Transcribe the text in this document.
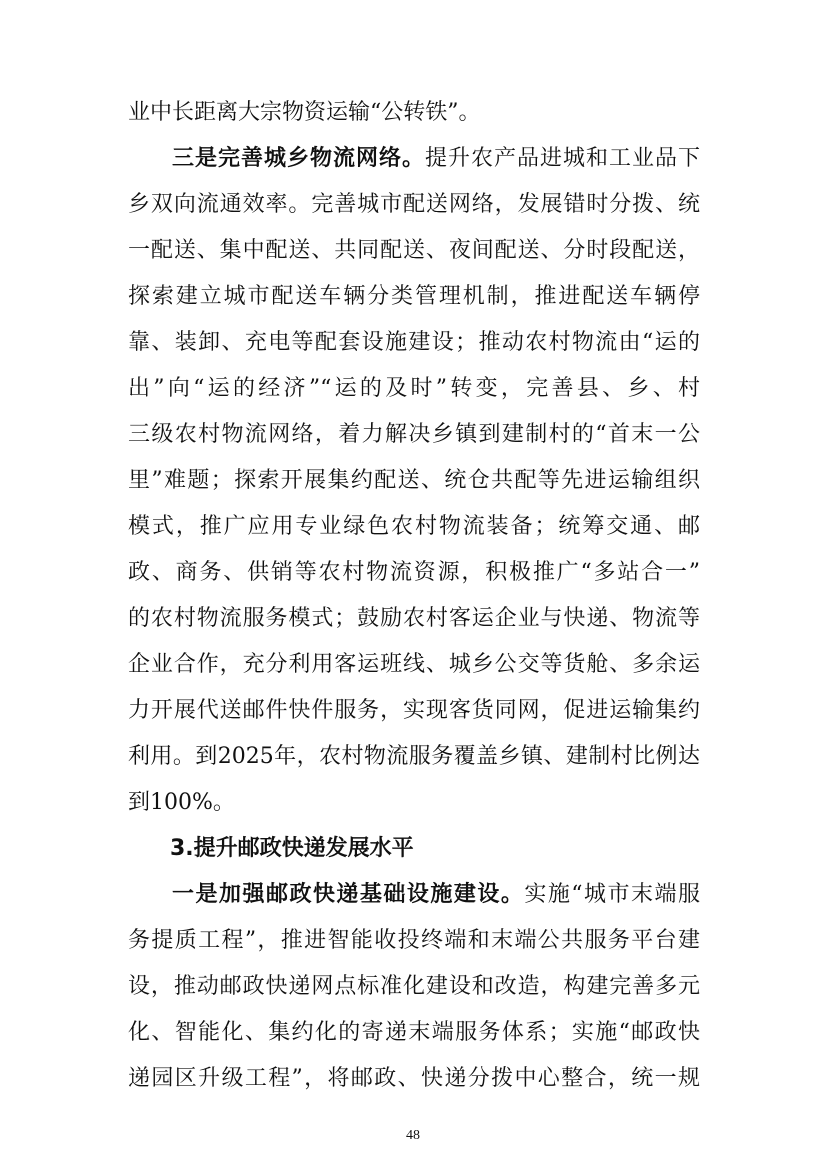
业中长距离大宗物资运输“公转铁”。
三是完善城乡物流网络。提升农产品进城和工业品下
乡双向流通效率。完善城市配送网络，发展错时分拨、统
一配送、集中配送、共同配送、夜间配送、分时段配送，
探索建立城市配送车辆分类管理机制，推进配送车辆停
靠、装卸、充电等配套设施建设；推动农村物流由“运的
出”向“运的经济”“运的及时”转变，完善县、乡、村
三级农村物流网络，着力解决乡镇到建制村的“首末一公
里”难题；探索开展集约配送、统仓共配等先进运输组织
模式，推广应用专业绿色农村物流装备；统筹交通、邮
政、商务、供销等农村物流资源，积极推广“多站合一”
的农村物流服务模式；鼓励农村客运企业与快递、物流等
企业合作，充分利用客运班线、城乡公交等货舱、多余运
力开展代送邮件快件服务，实现客货同网，促进运输集约
利用。到2025年，农村物流服务覆盖乡镇、建制村比例达
到100%。
3.提升邮政快递发展水平
一是加强邮政快递基础设施建设。实施“城市末端服
务提质工程”，推进智能收投终端和末端公共服务平台建
设，推动邮政快递网点标准化建设和改造，构建完善多元
化、智能化、集约化的寄递末端服务体系；实施“邮政快
递园区升级工程”，将邮政、快递分拨中心整合，统一规
48
